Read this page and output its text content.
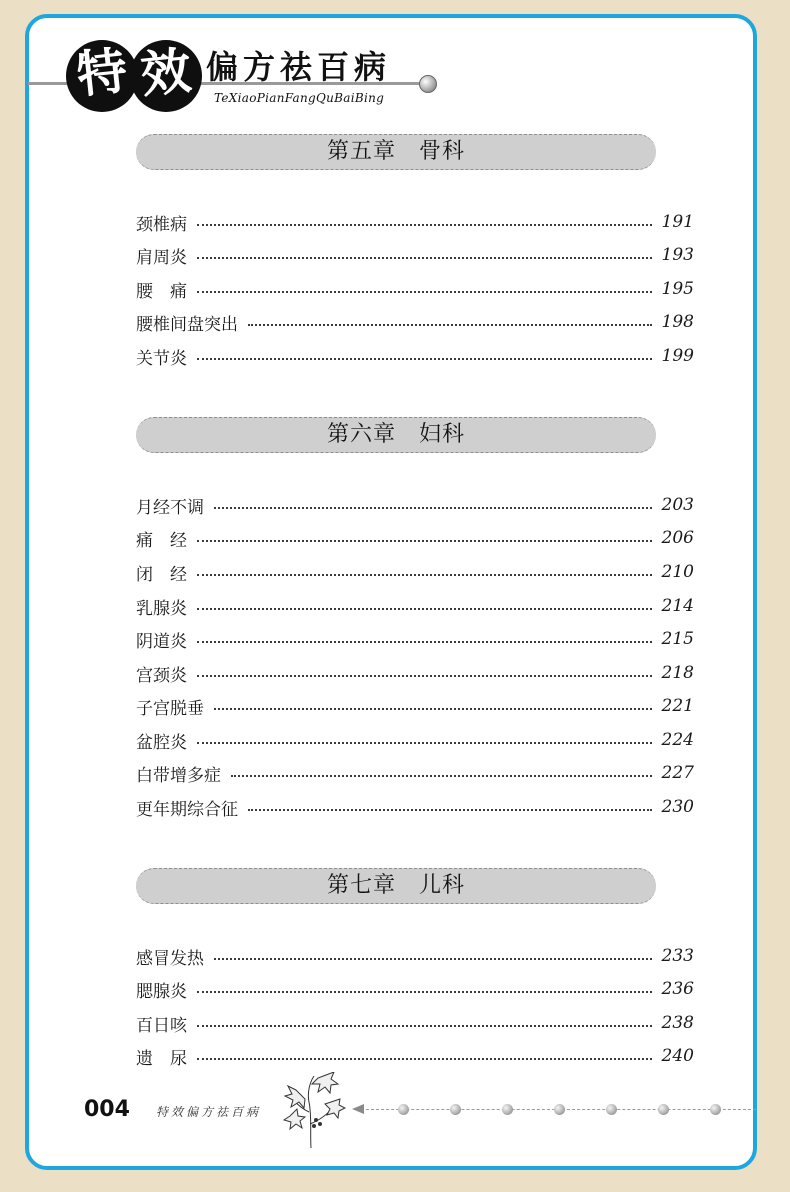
特 效 偏方祛百病
TeXiaoPianFangQuBaiBing
第五章　骨科
颈椎病	191
肩周炎	193
腰　痛	195
腰椎间盘突出	198
关节炎	199
第六章　妇科
月经不调	203
痛　经	206
闭　经	210
乳腺炎	214
阴道炎	215
宫颈炎	218
子宫脱垂	221
盆腔炎	224
白带增多症	227
更年期综合征	230
第七章　儿科
感冒发热	233
腮腺炎	236
百日咳	238
遗　尿	240
004 特效偏方祛百病
